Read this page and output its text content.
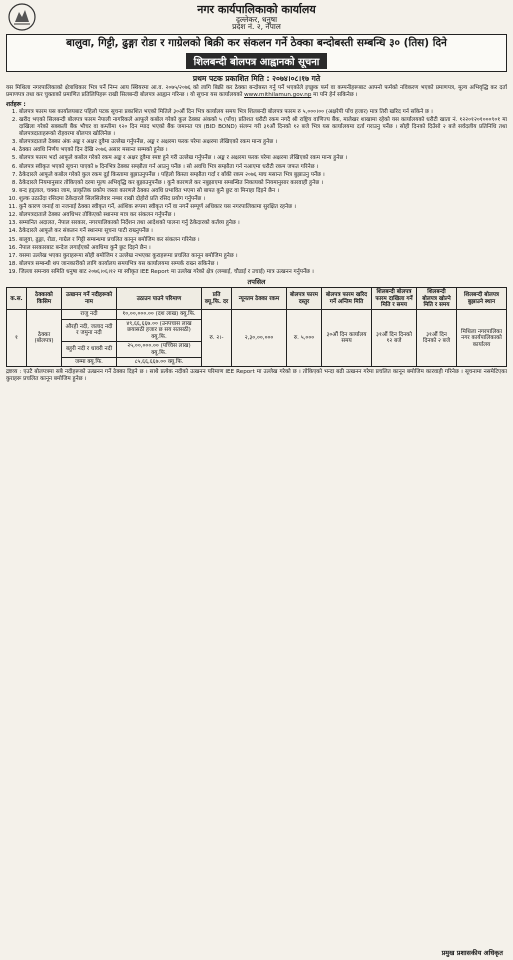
नगर कार्यपालिकाको कार्यालय
दल्लेकर, धनुषा
प्रदेश नं. २, नेपाल
बालुवा, गिट्टी, ढुङ्गा रोडा र गाग्रेलको बिक्री कर संकलन गर्ने ठेक्का बन्दोबस्ती सम्बन्धि ३० (तिस) दिने
शिलबन्दी बोलपत्र आह्वानको सूचना
प्रथम पटक प्रकाशित मिति : २०७४।०८।१७ गते
यस मिथिला नगरपालिकाको क्षेत्राधिकार भित्र पर्ने निम्न आय स्थियरमा आ.व. २०७५/२०७६ को लागि बिक्री कर ठेक्का बन्दोबस्त गर्नु पर्ने भएकोले इच्छुक फर्म वा कम्पनीहरूबाट आफ्नो फर्मको नविकरण भएको प्रमाणपत्र, मूल्य अभिवृद्धि कर दर्ता प्रमाणपत्र तथा कर चुक्ताको प्रमाणित प्रतिलिपिहरू राखी सिलबन्दी बोलपत्र आह्वान गरिन्छ । यो सूचना यस कार्यालयको www.mithilamun.gov.np मा पनि हेर्न सकिनेछ ।
शर्तहरू :
1. बोलपत्र फारम यस कार्यालयबाट पहिलो पटक सूचना प्रकाशित भएको मितिले ३०औं दिन भित्र कार्यालय समय भित्र शिलबन्दी बोलपत्र फारम रु ५,०००।०० (अक्षरेपी पाँच हजार) मात्र तिरी खरिद गर्न सकिने छ ।
2. खरीद भएको सिलबन्दी बोलपत्र फारम नेपाली नागरिकले आफूले कबोल गरेको कुल ठेक्का अंकको ५ (पाँच) प्रतिशत धरौटी रकम नगदै श्री राष्ट्रिय वाणिज्य बैंक, मालेखर शाखामा रहेको यस कार्यालयको धरौटी खाता नं. १२२०१२०१०००९०१ मा दाखिला गरेको सक्कली बैंक भौचर वा कम्तीमा १२० दिन म्याद भएको बैंक जमानत पत्र (BID BOND) संलग्न गरी ३१औं दिनको १२ बजे भित्र यस कार्यालयमा दर्ता गराउनु पर्नेछ । सोही दिनको दिउँसो २ बजे सर्वदलीय प्रतिनिधि तथा बोलपत्रदाताहरूको रोहवरमा बोलपत्र खोलिनेछ ।
3. बोलपत्रदाताले ठेक्का अंक अङ्क र अक्षर दुवैमा उल्लेख गर्नुपर्नेछ, अङ्क र अक्षरमा फरक परेमा अक्षरमा लेखिएको रकम मान्य हुनेछ ।
4. ठेक्का अवधि निर्णय भएको दिन देखि २०७६ असार मसान्त सम्मको हुनेछ ।
5. बोलपत्र फारम भर्दा आफूले कबोल गरेको रकम अङ्क र अक्षर दुवैमा स्पष्ट हुने गरी उल्लेख गर्नुपर्नेछ । अङ्क र अक्षरमा फरक परेमा अक्षरमा लेखिएको रकम मान्य हुनेछ ।
6. बोलपत्र स्वीकृत भएको सूचना पाएको ७ दिनभित्र ठेक्का सम्झौता गर्न आउनु पर्नेछ । सो अवधि भित्र सम्झौता गर्न नआएमा धरौटी रकम जफत गरिनेछ ।
7. ठेकेदारले आफूले कबोल गरेको कुल रकम दुई किस्तामा बुझाउनुपर्नेछ । पहिलो किस्ता सम्झौता गर्दा र बाँकी रकम २०७६ माघ मसान्त भित्र बुझाउनु पर्नेछ ।
8. ठेकेदारले नियमानुसार तोकिएको दरमा मूल्य अभिवृद्धि कर बुझाउनुपर्नेछ । कुनै कारणले कर नबुझाएमा सम्बन्धित निकायको नियमानुसार कारवाही हुनेछ ।
9. बन्द हड्ताल, चक्का जाम, प्राकृतिक प्रकोप जस्ता कारणले ठेक्का अवधि प्रभावित भएमा सो बापत कुनै छुट वा मिनाहा दिइने छैन ।
10. शुल्क उठाउँदा रसिदमा ठेकेदारले सिलसिलेवार नम्बर राखी दोहोरो प्रति रसिद प्रयोग गर्नुपर्नेछ ।
11. कुनै कारण जनाई वा नजनाई ठेक्का स्वीकृत गर्ने, आंशिक रूपमा स्वीकृत गर्ने वा नगर्ने सम्पूर्ण अधिकार यस नगरपालिकामा सुरक्षित रहनेछ ।
12. बोलपत्रदाताले ठेक्का अवधिभर तोकिएको स्थानमा मात्र कर संकलन गर्नुपर्नेछ ।
13. सम्मानित अदालत, नेपाल सरकार, नगरपालिकाको निर्देशन तथा आदेशको पालना गर्नु ठेकेदारको कर्तव्य हुनेछ ।
14. ठेकेदारले आफूले कर संकलन गर्ने स्थानमा सूचना पाटी राख्नुपर्नेछ ।
15. बालुवा, ढुङ्गा, रोडा, गाग्रेल र गिट्टी सम्बन्धमा प्रचलित कानून बमोजिम कर संकलन गरिनेछ ।
16. नेपाल सरकारबाट बन्देज लगाईएको अवधिमा कुनै छुट दिइने छैन ।
17. यसमा उल्लेख भएका कुराहरूमा सोही बमोजिम र उल्लेख नभएका कुराहरूमा प्रचलित कानून बमोजिम हुनेछ ।
18. बोलपत्र सम्बन्धी थप जानकारीको लागि कार्यालय समयभित्र यस कार्यालयमा सम्पर्क राख्न सकिनेछ ।
19. जिल्ला समन्वय समिति धनुषा बाट २०७६।०६।१२ मा स्वीकृत IEE Report मा उल्लेख गरेको क्षेत्र (लम्बाई, चौडाई र उचाई) मात्र उत्खनन गर्नुपर्नेछ ।
तपसिल
क.स.	ठेक्काको किसिम	उत्खनन गर्ने नदीहरूको नाम	उठाउन पाउने परिमाण	प्रति क्यू.फि. दर	न्यूनतम ठेक्का रकम	बोलपत्र फारम दस्तुर	बोलपत्र फारम खरिद गर्ने अन्तिम मिति	शिलबन्दी बोलपत्र फारम दाखिला गर्ने मिति र समय	शिलबन्दी बोलपत्र खोल्ने मिति र समय	शिलबन्दी बोलपत्र बुझाउने स्थान
१	ठेक्का (बोलपत्र)	राजु नदी	१०,००,०००.०० (दश लाख) क्यू.फि.	रु. २।-	२,३०,००,०००	रु. ५,०००	३०औं दिन कार्यालय समय	३१औं दिन दिनको १२ बजे	३१औं दिन दिनको २ बजे	मिथिला नगरपालिका नगर कार्यपालिकाको कार्यालय
		औरही नदी, जलाद नदी र जमुना नदी	४९,६६,६६७.०० (उनपचास लाख छयासठी हजार छ सय सतसठी) क्यू.फि.							
		बहुरी नदी र धावरी नदी	२५,००,०००.०० (पच्चिस लाख) क्यू.फि.							
		जम्मा क्यू.फि.	८५,६६,६६७.०० क्यू.फि.							
द्रष्टव्य : एउटै बोलपत्रमा सबै नदीहरूको उत्खनन गर्ने ठेक्का दिइने छ । साथै प्रत्येक नदीको उत्खनन परिमाण IEE Report मा उल्लेख गरेको छ । तोकिएको भन्दा बढी उत्खनन गरेमा प्रचलित कानून बमोजिम कारवाही गरिनेछ । सूचनामा नसमेटिएका कुराहरू प्रचलित कानून बमोजिम हुनेछ ।
प्रमुख प्रशासकीय अधिकृत
